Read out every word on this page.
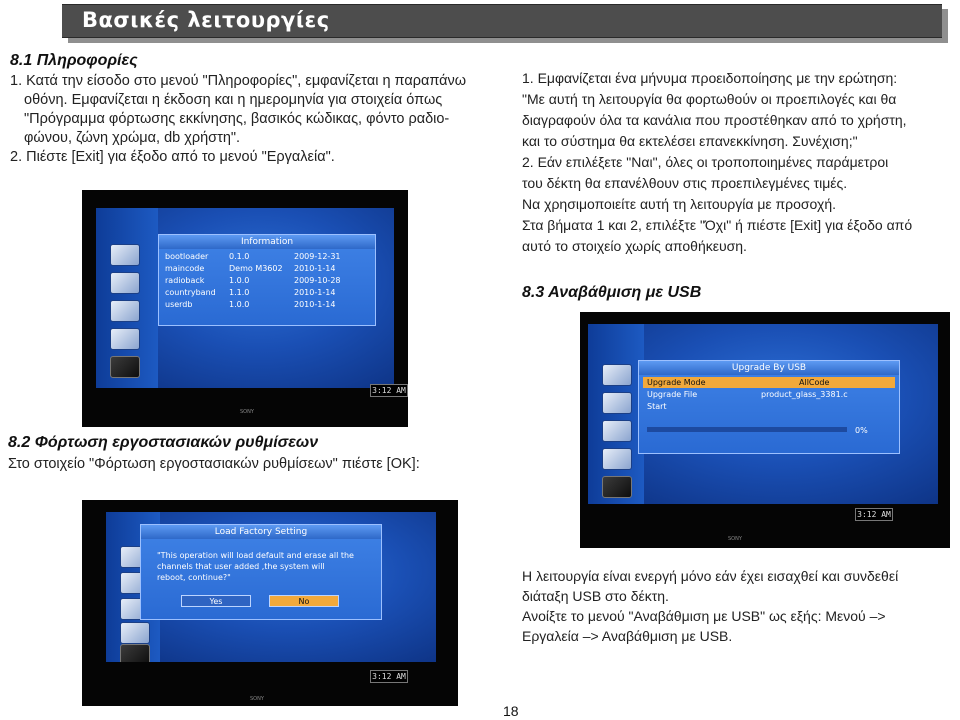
Βασικές λειτουργίες
8.1 Πληροφορίες
1. Κατά την είσοδο στο μενού "Πληροφορίες", εμφανίζεται η παραπάνω
οθόνη. Εμφανίζεται η έκδοση και η ημερομηνία για στοιχεία όπως
"Πρόγραμμα φόρτωσης εκκίνησης, βασικός κώδικας, φόντο ραδιο-
φώνου, ζώνη χρώμα, db χρήστη".
2. Πιέστε [Exit] για έξοδο από το μενού "Εργαλεία".
Information
bootloader	0.1.0	2009-12-31
maincode	Demo M3602 2010-1-14
radioback	1.0.0	2009-10-28
countryband 1.1.0	2010-1-14
userdb	1.0.0	2010-1-14
3:12 AM
SONY
1. Εμφανίζεται ένα μήνυμα προειδοποίησης με την ερώτηση:
"Με αυτή τη λειτουργία θα φορτωθούν οι προεπιλογές και θα
διαγραφούν όλα τα κανάλια που προστέθηκαν από το χρήστη,
και το σύστημα θα εκτελέσει επανεκκίνηση. Συνέχιση;"
2. Εάν επιλέξετε "Ναι", όλες οι τροποποιημένες παράμετροι
του δέκτη θα επανέλθουν στις προεπιλεγμένες τιμές.
Να χρησιμοποιείτε αυτή τη λειτουργία με προσοχή.
Στα βήματα 1 και 2, επιλέξτε "Όχι" ή πιέστε [Exit] για έξοδο από
αυτό το στοιχείο χωρίς αποθήκευση.
8.3 Αναβάθμιση με USB
Upgrade By USB
Upgrade Mode	AllCode
Upgrade File	product_glass_3381.c
Start
0%
3:12 AM
SONY
8.2 Φόρτωση εργοστασιακών ρυθμίσεων
Στο στοιχείο "Φόρτωση εργοστασιακών ρυθμίσεων" πιέστε [OK]:
Load Factory Setting
"This operation will load default and erase all the
channels that user added ,the system will
reboot, continue?"
Yes	No
3:12 AM
SONY
Η λειτουργία είναι ενεργή μόνο εάν έχει εισαχθεί και συνδεθεί
διάταξη USB στο δέκτη.
Ανοίξτε το μενού "Αναβάθμιση με USB" ως εξής: Μενού –>
Εργαλεία –> Αναβάθμιση με USB.
18
